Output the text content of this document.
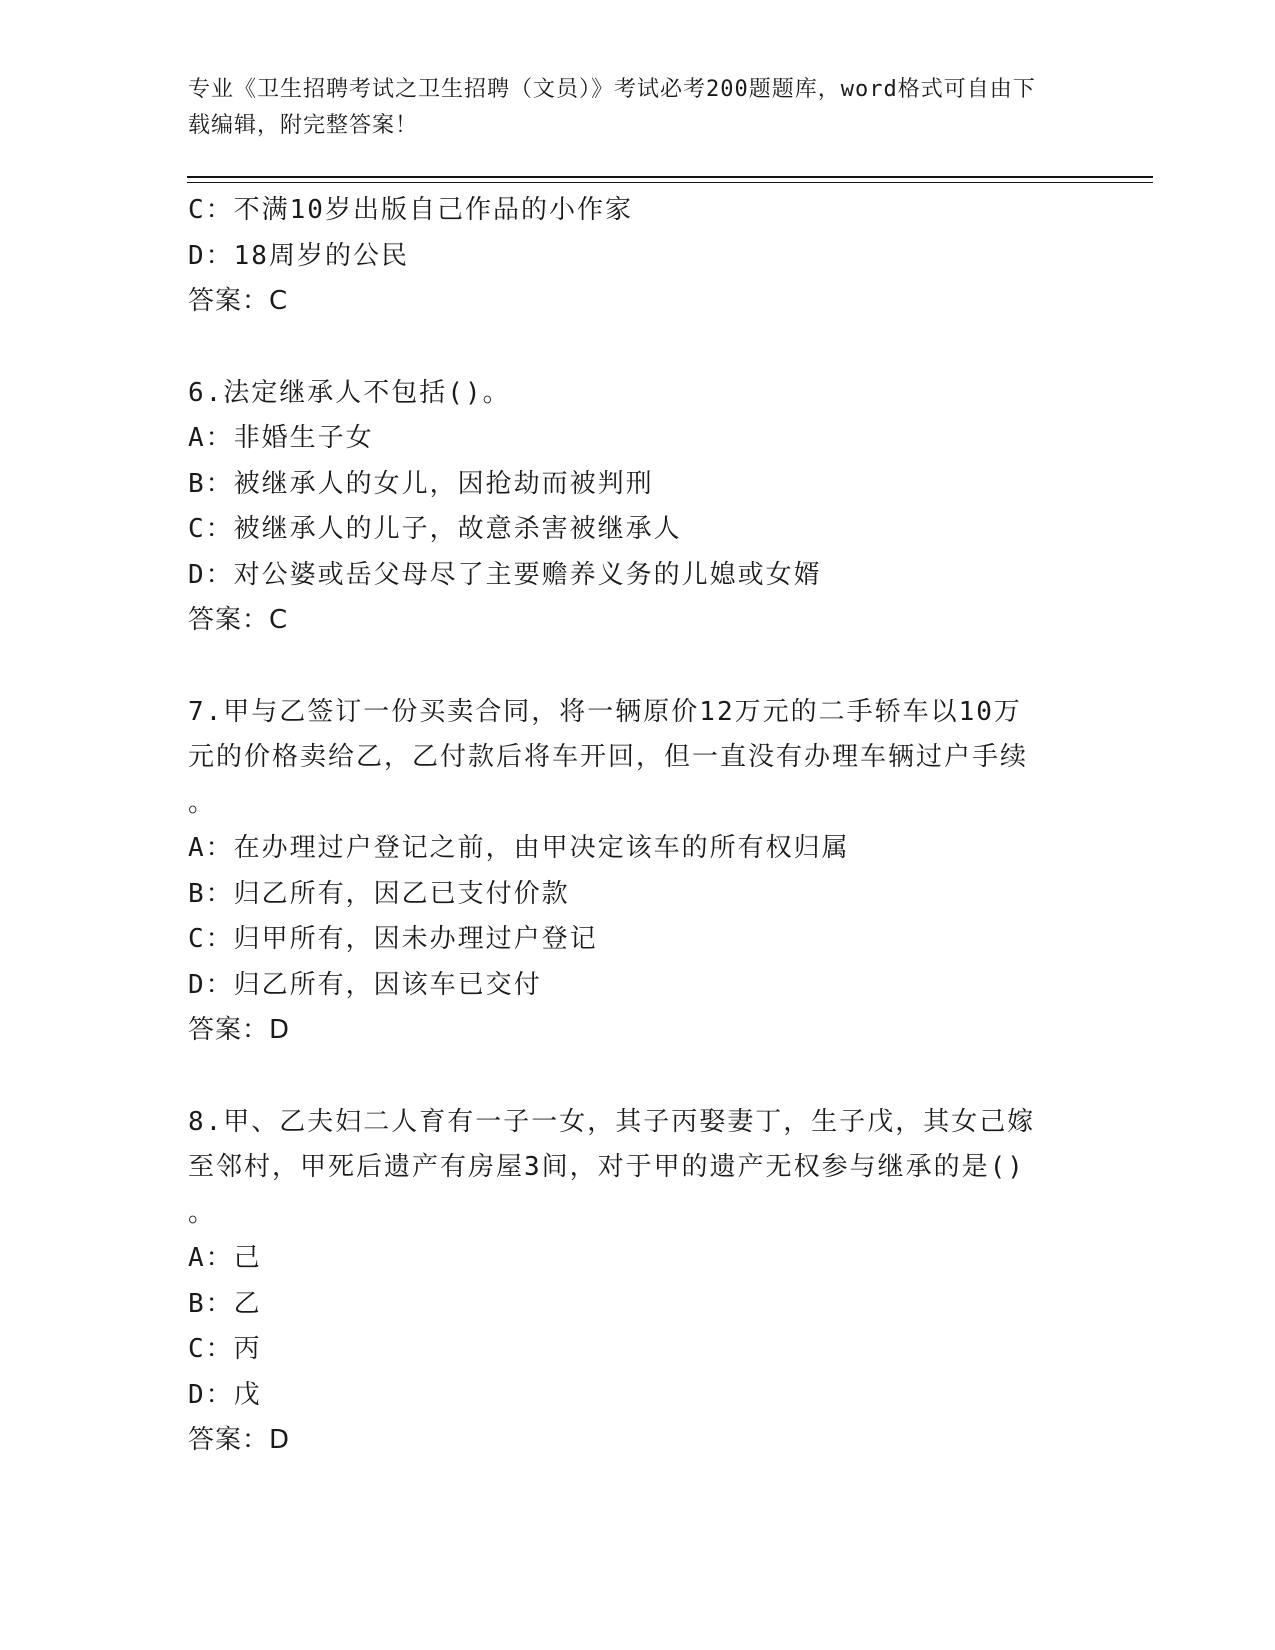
专业《卫生招聘考试之卫生招聘（文员）》考试必考200题题库，word格式可自由下载编辑，附完整答案！
C：不满10岁出版自己作品的小作家
D：18周岁的公民
答案：C
6.法定继承人不包括()。
A：非婚生子女
B：被继承人的女儿，因抢劫而被判刑
C：被继承人的儿子，故意杀害被继承人
D：对公婆或岳父母尽了主要赡养义务的儿媳或女婿
答案：C
7.甲与乙签订一份买卖合同，将一辆原价12万元的二手轿车以10万
元的价格卖给乙，乙付款后将车开回，但一直没有办理车辆过户手续
。
A：在办理过户登记之前，由甲决定该车的所有权归属
B：归乙所有，因乙已支付价款
C：归甲所有，因未办理过户登记
D：归乙所有，因该车已交付
答案：D
8.甲、乙夫妇二人育有一子一女，其子丙娶妻丁，生子戊，其女己嫁
至邻村，甲死后遗产有房屋3间，对于甲的遗产无权参与继承的是()
。
A：己
B：乙
C：丙
D：戊
答案：D
